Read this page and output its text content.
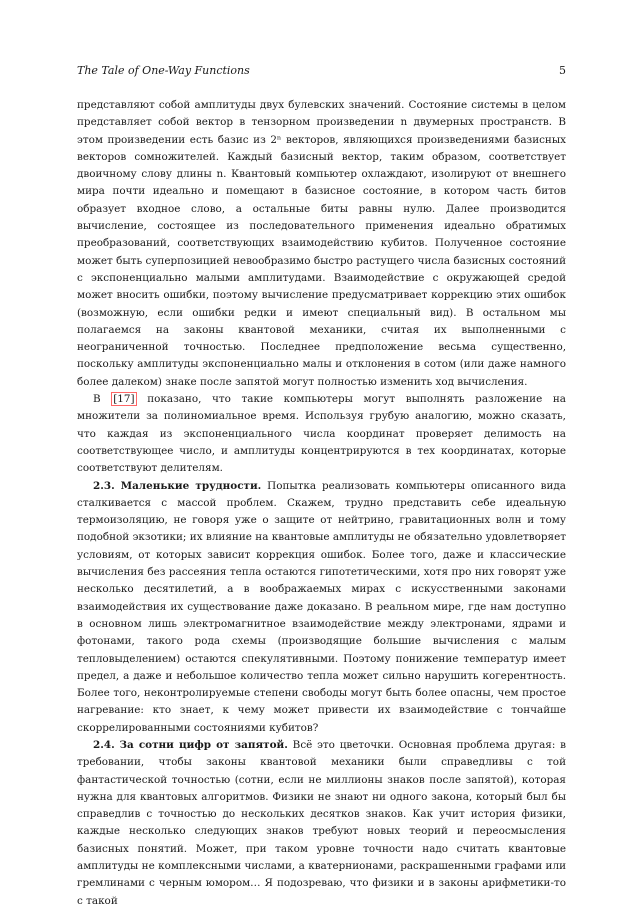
The Tale of One-Way Functions	5

представляют собой амплитуды двух булевских значений. Состояние системы в целом представляет собой вектор в тензорном произведении n двумерных пространств. В этом произведении есть базис из 2ⁿ векторов, являющихся произведениями базисных векторов сомножителей. Каждый базисный вектор, таким образом, соответствует двоичному слову длины n. Квантовый компьютер охлаждают, изолируют от внешнего мира почти идеально и помещают в базисное состояние, в котором часть битов образует входное слово, а остальные биты равны нулю. Далее производится вычисление, состоящее из последовательного применения идеально обратимых преобразований, соответствующих взаимодействию кубитов. Полученное состояние может быть суперпозицией невообразимо быстро растущего числа базисных состояний с экспоненциально малыми амплитудами. Взаимодействие с окружающей средой может вносить ошибки, поэтому вычисление предусматривает коррекцию этих ошибок (возможную, если ошибки редки и имеют специальный вид). В остальном мы полагаемся на законы квантовой механики, считая их выполненными с неограниченной точностью. Последнее предположение весьма существенно, поскольку амплитуды экспоненциально малы и отклонения в сотом (или даже намного более далеком) знаке после запятой могут полностью изменить ход вычисления.

В [17] показано, что такие компьютеры могут выполнять разложение на множители за полиномиальное время. Используя грубую аналогию, можно сказать, что каждая из экспоненциального числа координат проверяет делимость на соответствующее число, и амплитуды концентрируются в тех координатах, которые соответствуют делителям.

2.3. Маленькие трудности. Попытка реализовать компьютеры описанного вида сталкивается с массой проблем. Скажем, трудно представить себе идеальную термоизоляцию, не говоря уже о защите от нейтрино, гравитационных волн и тому подобной экзотики; их влияние на квантовые амплитуды не обязательно удовлетворяет условиям, от которых зависит коррекция ошибок. Более того, даже и классические вычисления без рассеяния тепла остаются гипотетическими, хотя про них говорят уже несколько десятилетий, а в воображаемых мирах с искусственными законами взаимодействия их существование даже доказано. В реальном мире, где нам доступно в основном лишь электромагнитное взаимодействие между электронами, ядрами и фотонами, такого рода схемы (производящие большие вычисления с малым тепловыделением) остаются спекулятивными. Поэтому понижение температур имеет предел, а даже и небольшое количество тепла может сильно нарушить когерентность. Более того, неконтролируемые степени свободы могут быть более опасны, чем простое нагревание: кто знает, к чему может привести их взаимодействие с тончайше скоррелированными состояниями кубитов?

2.4. За сотни цифр от запятой. Всё это цветочки. Основная проблема другая: в требовании, чтобы законы квантовой механики были справедливы с той фантастической точностью (сотни, если не миллионы знаков после запятой), которая нужна для квантовых алгоритмов. Физики не знают ни одного закона, который был бы справедлив с точностью до нескольких десятков знаков. Как учит история физики, каждые несколько следующих знаков требуют новых теорий и переосмысления базисных понятий. Может, при таком уровне точности надо считать квантовые амплитуды не комплексными числами, а кватернионами, раскрашенными графами или гремлинами с черным юмором… Я подозреваю, что физики и в законы арифметики-то с такой
